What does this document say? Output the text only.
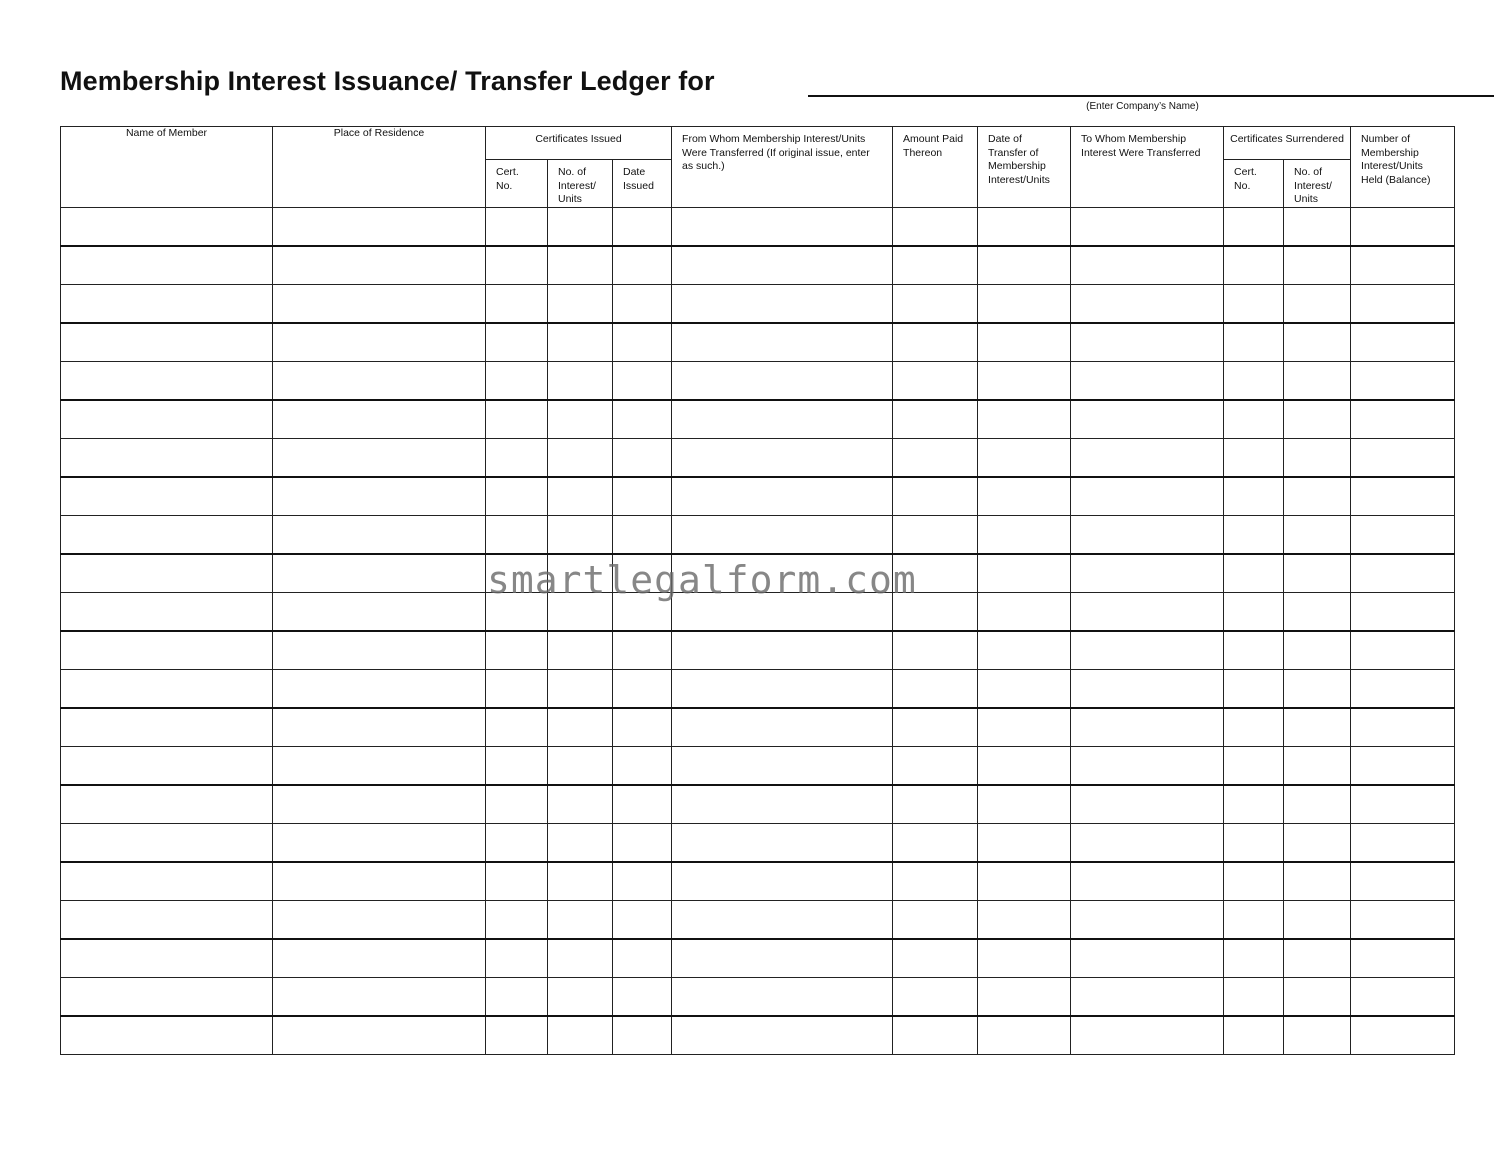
Membership Interest Issuance/ Transfer Ledger for
(Enter Company’s Name)
Name of Member	Place of Residence	Certificates Issued			From Whom Membership Interest/Units Were Transferred (If original issue, enter as such.)	Amount Paid Thereon	Date of Transfer of Membership Interest/Units	To Whom Membership Interest Were Transferred	Certificates Surrendered		Number of Membership Interest/Units Held (Balance)

		Cert. No.	No. of Interest/ Units	Date Issued					Cert. No.	No. of Interest/ Units	

smartlegalform.com
